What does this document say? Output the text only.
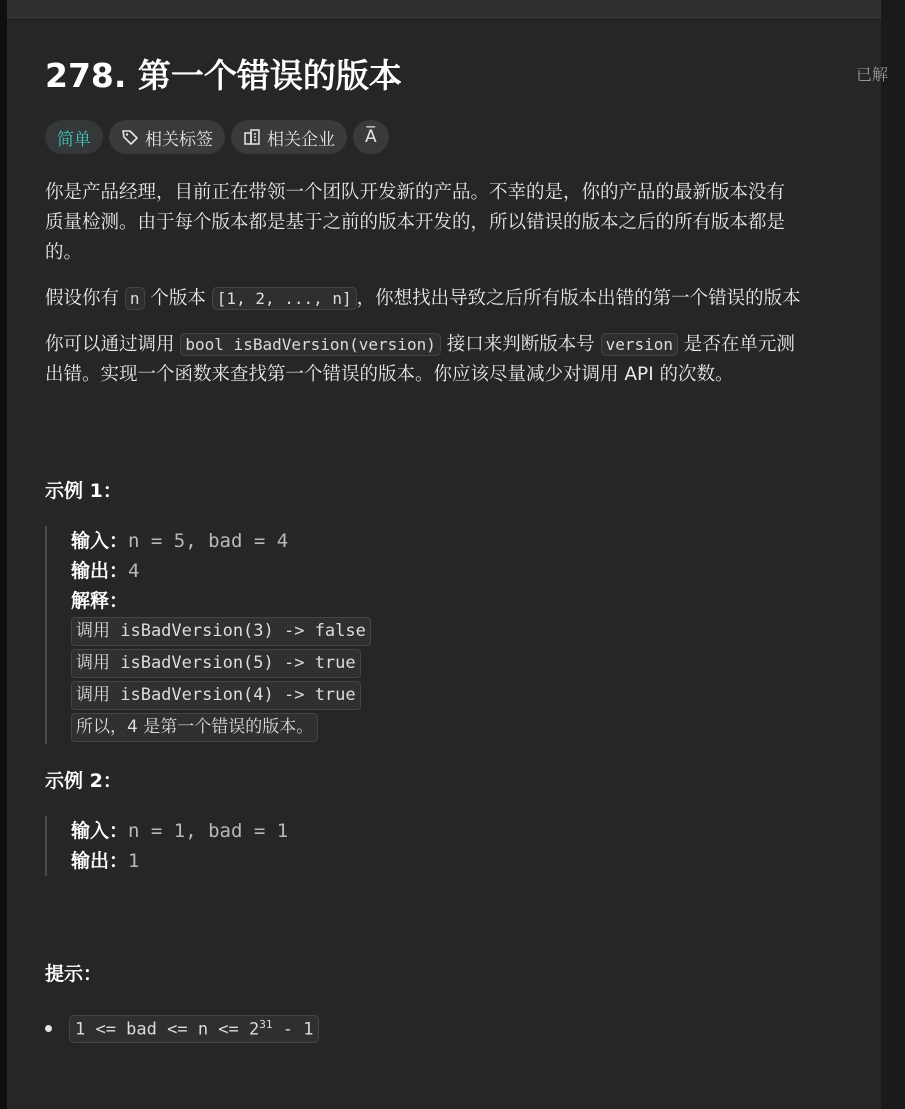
278. 第一个错误的版本	已解
简单	相关标签	相关企业 A̅

你是产品经理，目前正在带领一个团队开发新的产品。不幸的是，你的产品的最新版本没有

质量检测。由于每个版本都是基于之前的版本开发的，所以错误的版本之后的所有版本都是

的。

假设你有 n 个版本 [1, 2, ..., n] ，你想找出导致之后所有版本出错的第一个错误的版本

你可以通过调用 bool isBadVersion(version) 接口来判断版本号 version 是否在单元测

出错。实现一个函数来查找第一个错误的版本。你应该尽量减少对调用 API 的次数。

示例 1：
输入：n = 5, bad = 4
输出：4
解释：
调用 isBadVersion(3) -> false
调用 isBadVersion(5) -> true
调用 isBadVersion(4) -> true
所以，4 是第一个错误的版本。
示例 2：
输入：n = 1, bad = 1
输出：1
提示：
1 <= bad <= $n <= 2^{31} - 1$
